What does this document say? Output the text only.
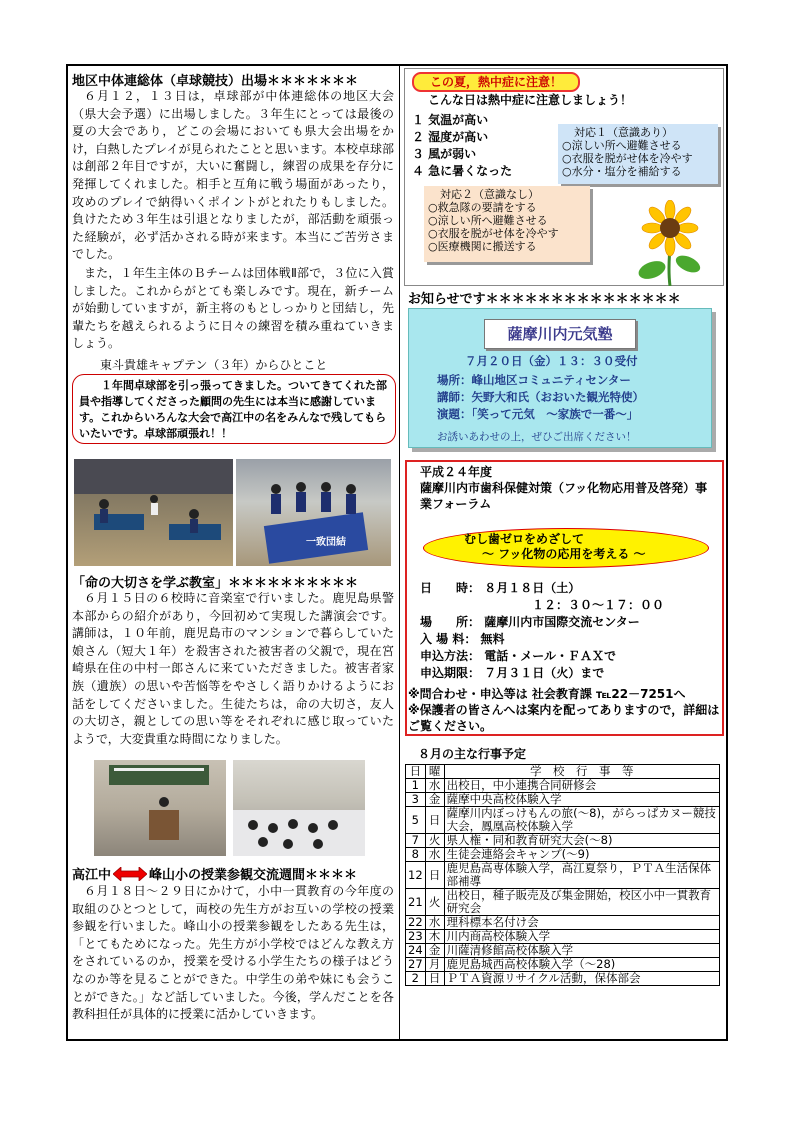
地区中体連総体（卓球競技）出場＊＊＊＊＊＊＊
６月１２，１３日は，卓球部が中体連総体の地区大会（県大会予選）に出場しました。３年生にとっては最後の夏の大会であり，どこの会場においても県大会出場をかけ，白熱したプレイが見られたことと思います。本校卓球部は創部２年目ですが，大いに奮闘し，練習の成果を存分に発揮してくれました。相手と互角に戦う場面があったり，攻めのプレイで納得いくポイントがとれたりもしました。負けたため３年生は引退となりましたが，部活動を頑張った経験が，必ず活かされる時が来ます。本当にご苦労さまでした。
また，１年生主体のＢチームは団体戦Ⅱ部で，３位に入賞しました。これからがとても楽しみです。現在，新チームが始動していますが，新主将のもとしっかりと団結し，先輩たちを越えられるように日々の練習を積み重ねていきましょう。
東斗貴雄キャプテン（３年）からひとこと
１年間卓球部を引っ張ってきました。ついてきてくれた部員や指導してくださった顧問の先生には本当に感謝しています。これからいろんな大会で高江中の名をみんなで残してもらいたいです。卓球部頑張れ！！
一致団結
「命の大切さを学ぶ教室」＊＊＊＊＊＊＊＊＊＊
６月１５日の６校時に音楽室で行いました。鹿児島県警本部からの紹介があり，今回初めて実現した講演会です。講師は，１０年前，鹿児島市のマンションで暮らしていた娘さん（短大１年）を殺害された被害者の父親で，現在宮崎県在住の中村一郎さんに来ていただきました。被害者家族（遺族）の思いや苦悩等をやさしく語りかけるようにお話をしてくださいました。生徒たちは，命の大切さ，友人の大切さ，親としての思い等をそれぞれに感じ取っていたようで，大変貴重な時間になりました。
高江中	峰山小の授業参観交流週間＊＊＊＊
６月１８日～２９日にかけて，小中一貫教育の今年度の取組のひとつとして，両校の先生方がお互いの学校の授業参観を行いました。峰山小の授業参観をしたある先生は，「とてもためになった。先生方が小学校ではどんな教え方をされているのか，授業を受ける小学生たちの様子はどうなのか等を見ることができた。中学生の弟や妹にも会うことができた。」など話していました。今後，学んだことを各教科担任が具体的に授業に活かしていきます。
この夏，熱中症に注意！
こんな日は熱中症に注意しましょう！
１ 気温が高い
２ 湿度が高い
３ 風が弱い
４ 急に暑くなった
対応１（意識あり）
○涼しい所へ避難させる
○衣服を脱がせ体を冷やす
○水分・塩分を補給する
対応２（意識なし）
○救急隊の要請をする
○涼しい所へ避難させる
○衣服を脱がせ体を冷やす
○医療機関に搬送する
お知らせです＊＊＊＊＊＊＊＊＊＊＊＊＊＊＊
薩摩川内元気塾
７月２０日（金）１３：３０受付
場所：峰山地区コミュニティセンター
講師：矢野大和氏（おおいた観光特使）
演題：「笑って元気　～家族で一番～」
お誘いあわせの上，ぜひご出席ください！
平成２４年度
薩摩川内市歯科保健対策（フッ化物応用普及啓発）事業フォーラム
むし歯ゼロをめざして
～ フッ化物の応用を考える ～
日　　時： ８月１８日（土）
１２：３０～１７：００
場　　所： 薩摩川内市国際交流センター
入 場 料： 無料
申込方法： 電話・メール・ＦＡＸで
申込期限： ７月３１日（火）まで
※問合わせ・申込等は 社会教育課 ℡22－7251へ
※保護者の皆さんへは案内を配ってありますので，詳細はご覧ください。
８月の主な行事予定
日	曜	学　校　行　事　等
1	水	出校日，中小連携合同研修会
3	金	薩摩中央高校体験入学
5	日	薩摩川内ぼっけもんの旅(～8)，がらっぱカヌー競技大会，鳳凰高校体験入学
7	火	県人権・同和教育研究大会(～8)
8	水	生徒会連絡会キャンプ(～9)
12	日	鹿児島高専体験入学，高江夏祭り，ＰＴＡ生活保体部補導
21	火	出校日，種子販売及び集金開始，校区小中一貫教育研究会
22	水	理科標本名付け会
23	木	川内商高校体験入学
24	金	川薩清修館高校体験入学
27	月	鹿児島城西高校体験入学（～28)
2	日	ＰＴＡ資源リサイクル活動，保体部会
